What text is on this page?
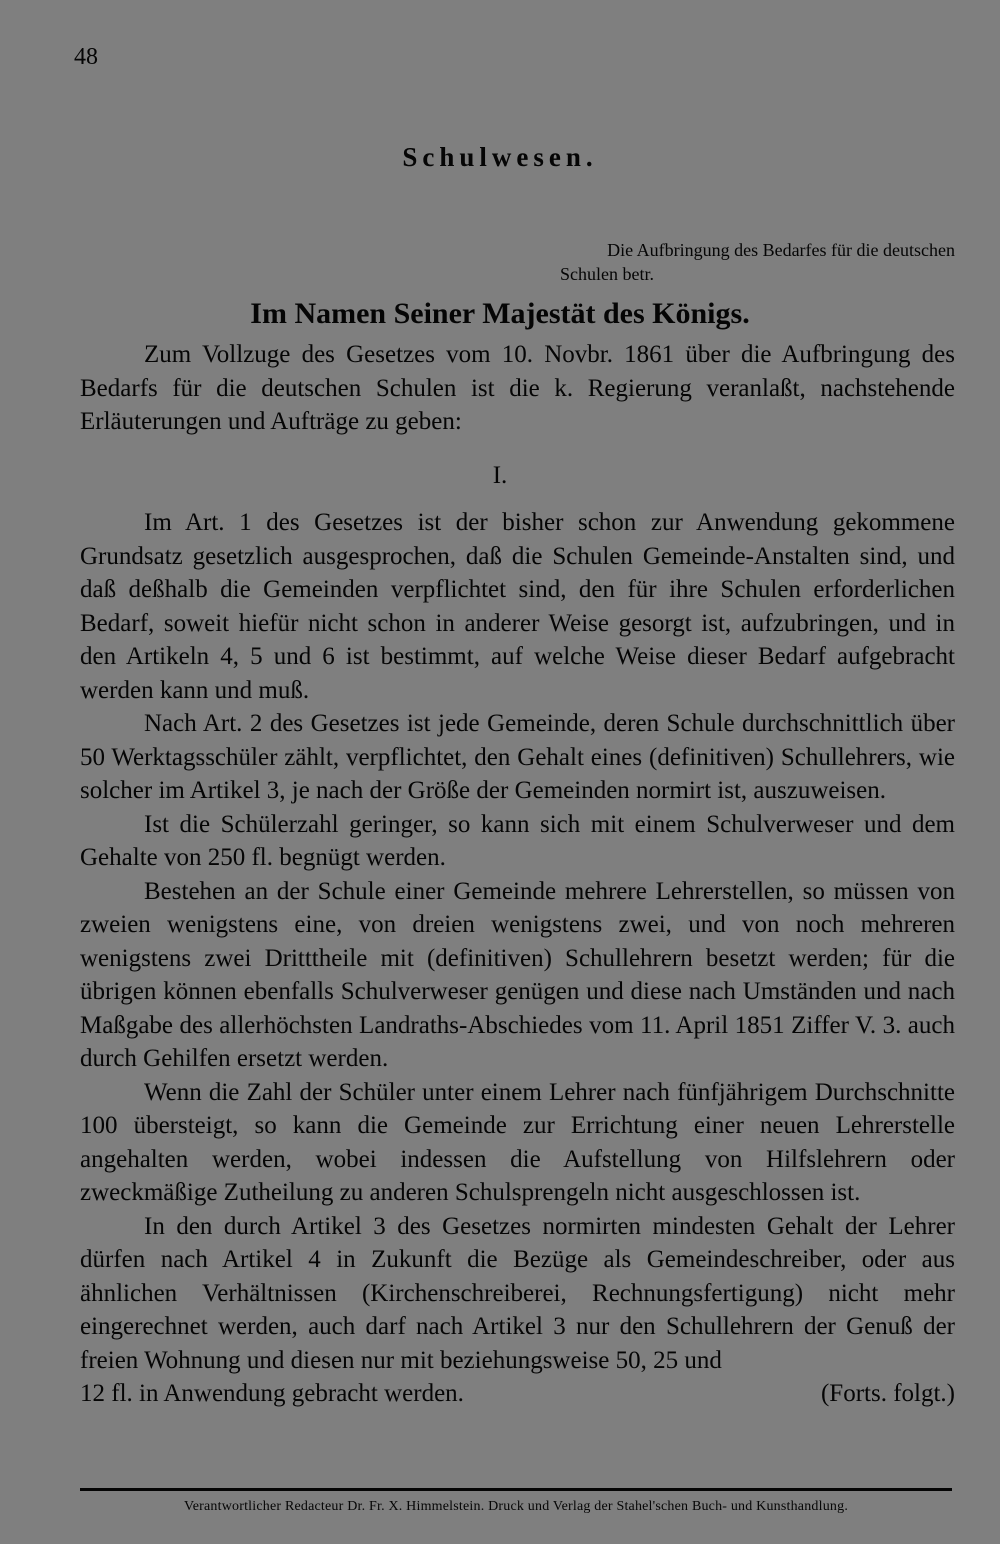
48
Schulwesen.
Die Aufbringung des Bedarfes für die deutschen
Schulen betr.
Im Namen Seiner Majestät des Königs.

Zum Vollzuge des Gesetzes vom 10. Novbr. 1861 über die Aufbringung des Bedarfs für die deutschen Schulen ist die k. Regierung veranlaßt, nachstehende Erläuterungen und Aufträge zu geben:

I.

Im Art. 1 des Gesetzes ist der bisher schon zur Anwendung gekommene Grundsatz gesetzlich ausgesprochen, daß die Schulen Gemeinde-Anstalten sind, und daß deßhalb die Gemeinden verpflichtet sind, den für ihre Schulen erforderlichen Bedarf, soweit hiefür nicht schon in anderer Weise gesorgt ist, aufzubringen, und in den Artikeln 4, 5 und 6 ist bestimmt, auf welche Weise dieser Bedarf aufgebracht werden kann und muß.

Nach Art. 2 des Gesetzes ist jede Gemeinde, deren Schule durchschnittlich über 50 Werktagsschüler zählt, verpflichtet, den Gehalt eines (definitiven) Schullehrers, wie solcher im Artikel 3, je nach der Größe der Gemeinden normirt ist, auszuweisen.

Ist die Schülerzahl geringer, so kann sich mit einem Schulverweser und dem Gehalte von 250 fl. begnügt werden.

Bestehen an der Schule einer Gemeinde mehrere Lehrerstellen, so müssen von zweien wenigstens eine, von dreien wenigstens zwei, und von noch mehreren wenigstens zwei Dritttheile mit (definitiven) Schullehrern besetzt werden; für die übrigen können ebenfalls Schulverweser genügen und diese nach Umständen und nach Maßgabe des allerhöchsten Landraths-Abschiedes vom 11. April 1851 Ziffer V. 3. auch durch Gehilfen ersetzt werden.

Wenn die Zahl der Schüler unter einem Lehrer nach fünfjährigem Durchschnitte 100 übersteigt, so kann die Gemeinde zur Errichtung einer neuen Lehrerstelle angehalten werden, wobei indessen die Aufstellung von Hilfslehrern oder zweckmäßige Zutheilung zu anderen Schulsprengeln nicht ausgeschlossen ist.

In den durch Artikel 3 des Gesetzes normirten mindesten Gehalt der Lehrer dürfen nach Artikel 4 in Zukunft die Bezüge als Gemeindeschreiber, oder aus ähnlichen Verhältnissen (Kirchenschreiberei, Rechnungsfertigung) nicht mehr eingerechnet werden, auch darf nach Artikel 3 nur den Schullehrern der Genuß der freien Wohnung und diesen nur mit beziehungsweise 50, 25 und

12 fl. in Anwendung gebracht werden.	(Forts. folgt.)

Verantwortlicher Redacteur Dr. Fr. X. Himmelstein. Druck und Verlag der Stahel'schen Buch- und Kunsthandlung.
